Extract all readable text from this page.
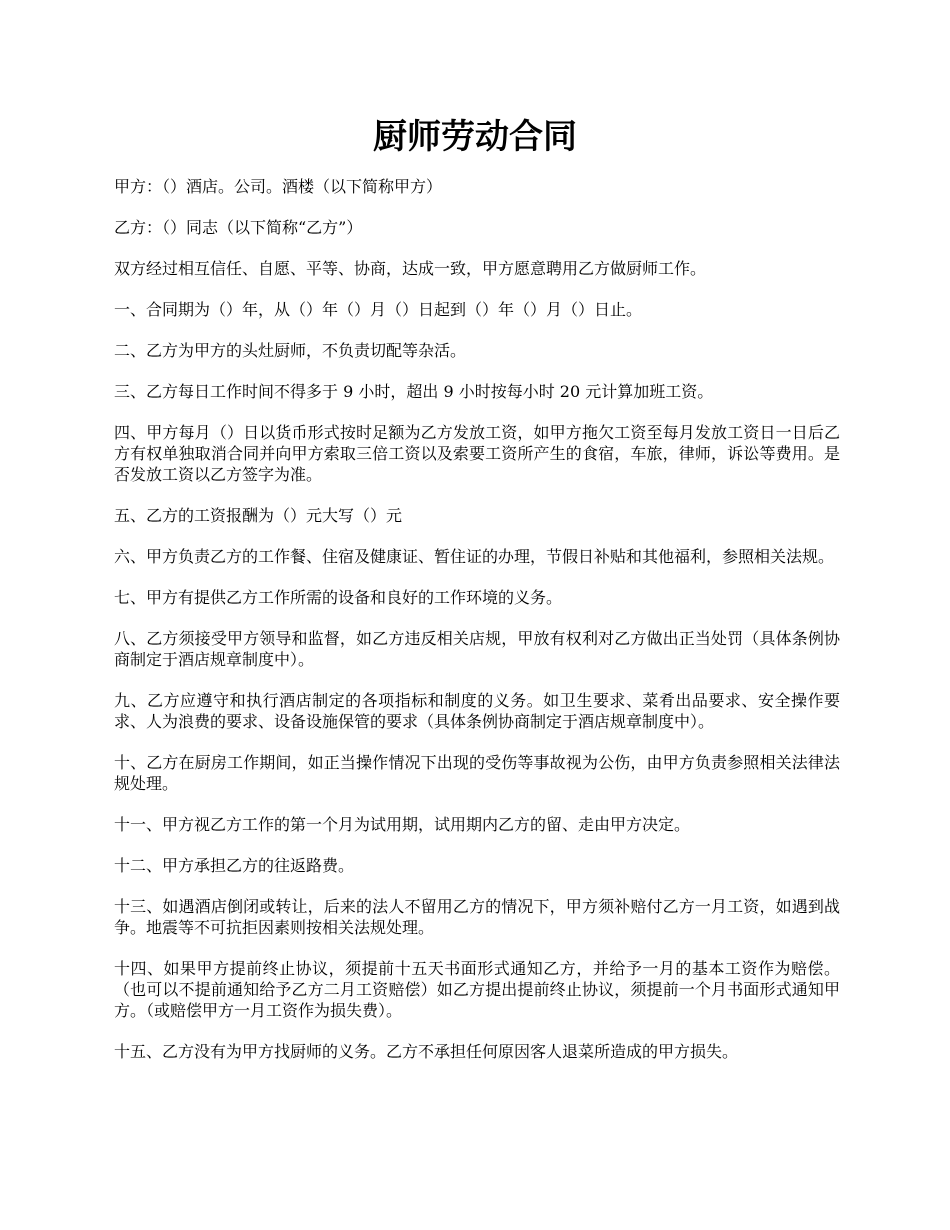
厨师劳动合同

甲方：（）酒店。公司。酒楼（以下简称甲方）

乙方：（）同志（以下简称“乙方”）

双方经过相互信任、自愿、平等、协商，达成一致，甲方愿意聘用乙方做厨师工作。

一、合同期为（）年，从（）年（）月（）日起到（）年（）月（）日止。

二、乙方为甲方的头灶厨师，不负责切配等杂活。

三、乙方每日工作时间不得多于 9 小时，超出 9 小时按每小时 20 元计算加班工资。

四、甲方每月（）日以货币形式按时足额为乙方发放工资，如甲方拖欠工资至每月发放工资日一日后乙方有权单独取消合同并向甲方索取三倍工资以及索要工资所产生的食宿，车旅，律师，诉讼等费用。是否发放工资以乙方签字为准。

五、乙方的工资报酬为（）元大写（）元

六、甲方负责乙方的工作餐、住宿及健康证、暂住证的办理，节假日补贴和其他福利，参照相关法规。

七、甲方有提供乙方工作所需的设备和良好的工作环境的义务。

八、乙方须接受甲方领导和监督，如乙方违反相关店规，甲放有权利对乙方做出正当处罚（具体条例协商制定于酒店规章制度中）。

九、乙方应遵守和执行酒店制定的各项指标和制度的义务。如卫生要求、菜肴出品要求、安全操作要求、人为浪费的要求、设备设施保管的要求（具体条例协商制定于酒店规章制度中）。

十、乙方在厨房工作期间，如正当操作情况下出现的受伤等事故视为公伤，由甲方负责参照相关法律法规处理。

十一、甲方视乙方工作的第一个月为试用期，试用期内乙方的留、走由甲方决定。

十二、甲方承担乙方的往返路费。

十三、如遇酒店倒闭或转让，后来的法人不留用乙方的情况下，甲方须补赔付乙方一月工资，如遇到战争。地震等不可抗拒因素则按相关法规处理。

十四、如果甲方提前终止协议，须提前十五天书面形式通知乙方，并给予一月的基本工资作为赔偿。（也可以不提前通知给予乙方二月工资赔偿）如乙方提出提前终止协议，须提前一个月书面形式通知甲方。（或赔偿甲方一月工资作为损失费）。

十五、乙方没有为甲方找厨师的义务。乙方不承担任何原因客人退菜所造成的甲方损失。
